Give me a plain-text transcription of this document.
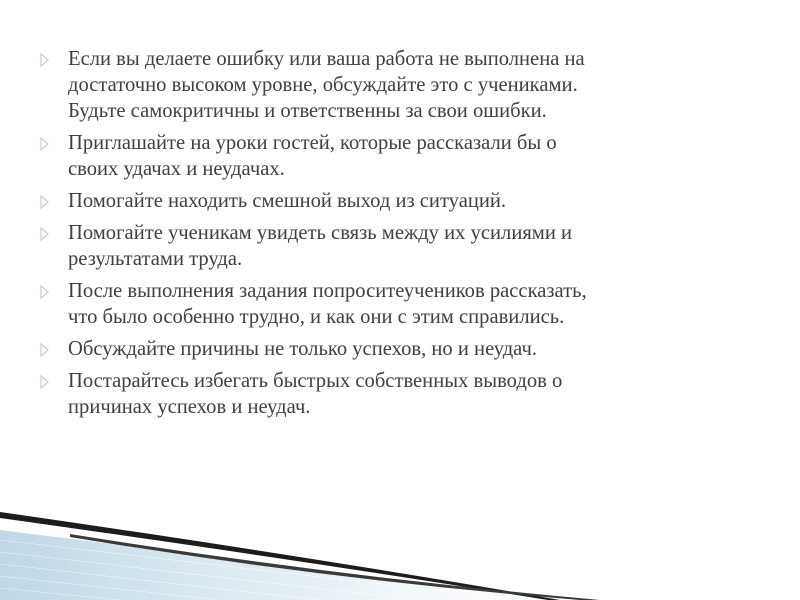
Если вы делаете ошибку или ваша работа не выполнена на
достаточно высоком уровне, обсуждайте это с учениками.
Будьте самокритичны и ответственны за свои ошибки.
Приглашайте на уроки гостей, которые рассказали бы о
своих удачах и неудачах.
Помогайте находить смешной выход из ситуаций.
Помогайте ученикам увидеть связь между их усилиями и
результатами труда.
После выполнения задания попроситеучеников рассказать,
что было особенно трудно, и как они с этим справились.
Обсуждайте причины не только успехов, но и неудач.
Постарайтесь избегать быстрых собственных выводов о
причинах успехов и неудач.
